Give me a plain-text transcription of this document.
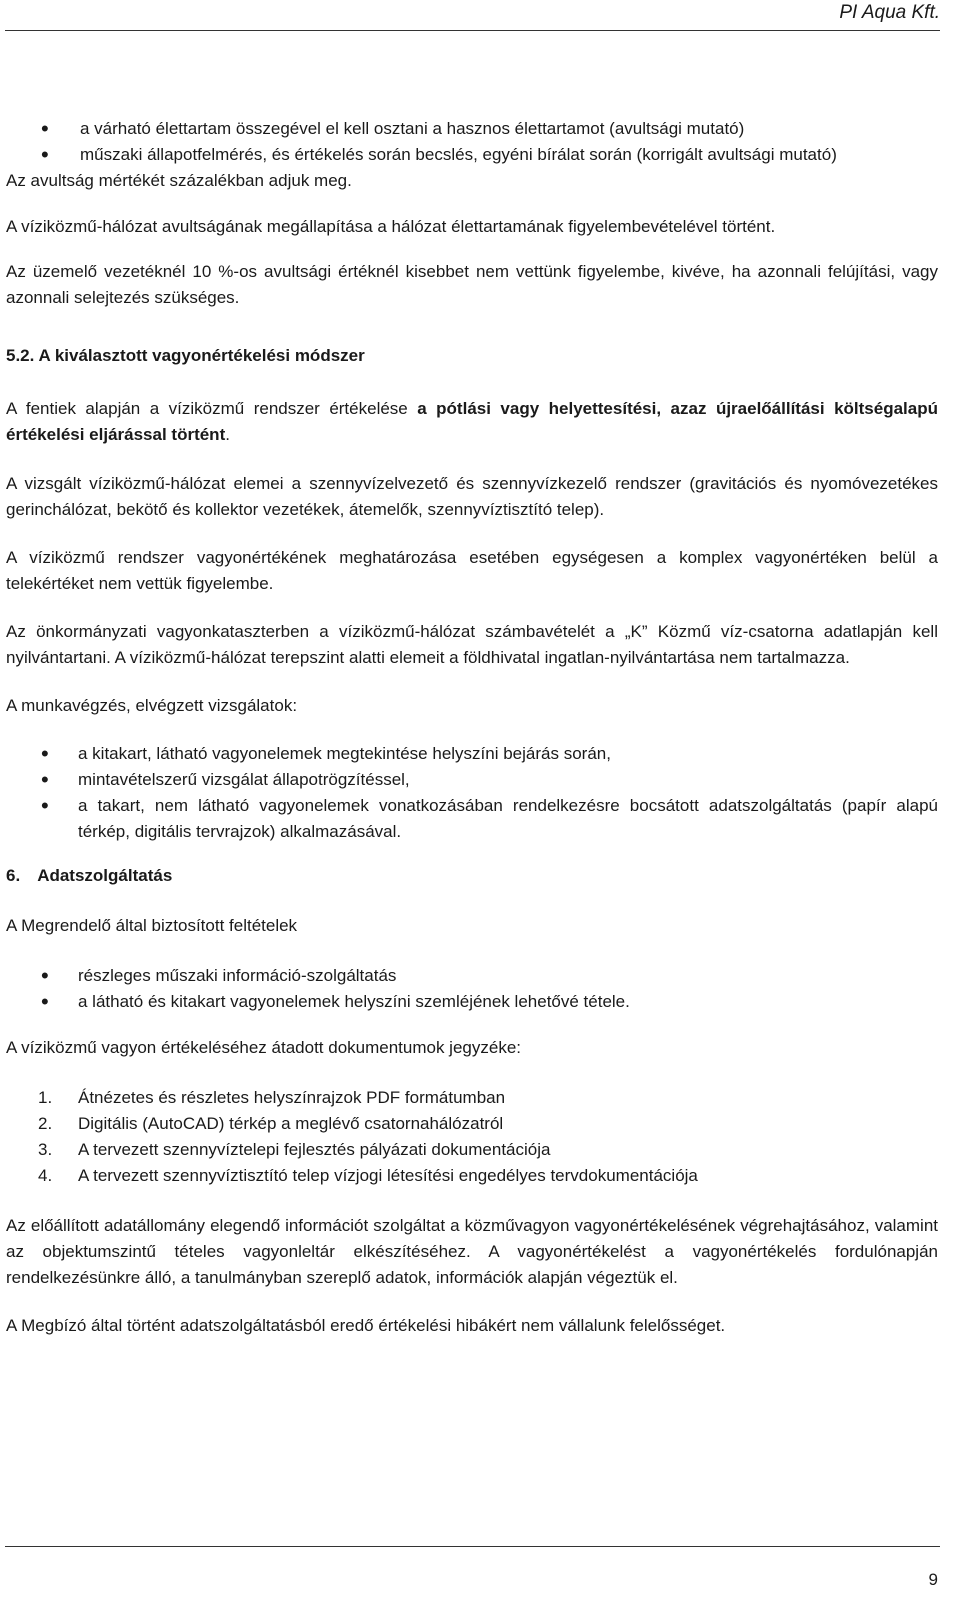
PI Aqua Kft.
• a várható élettartam összegével el kell osztani a hasznos élettartamot (avultsági mutató)
• műszaki állapotfelmérés, és értékelés során becslés, egyéni bírálat során (korrigált avultsági mutató)

Az avultság mértékét százalékban adjuk meg.

A víziközmű-hálózat avultságának megállapítása a hálózat élettartamának figyelembevételével történt.

Az üzemelő vezetéknél 10 %-os avultsági értéknél kisebbet nem vettünk figyelembe, kivéve, ha azonnali felújítási, vagy azonnali selejtezés szükséges.

5.2. A kiválasztott vagyonértékelési módszer

A fentiek alapján a víziközmű rendszer értékelése a pótlási vagy helyettesítési, azaz újraelőállítási költségalapú értékelési eljárással történt.

A vizsgált víziközmű-hálózat elemei a szennyvízelvezető és szennyvízkezelő rendszer (gravitációs és nyomóvezetékes gerinchálózat, bekötő és kollektor vezetékek, átemelők, szennyvíztisztító telep).

A víziközmű rendszer vagyonértékének meghatározása esetében egységesen a komplex vagyonértéken belül a telekértéket nem vettük figyelembe.

Az önkormányzati vagyonkataszterben a víziközmű-hálózat számbavételét a „K” Közmű víz-csatorna adatlapján kell nyilvántartani. A víziközmű-hálózat terepszint alatti elemeit a földhivatal ingatlan-nyilvántartása nem tartalmazza.

A munkavégzés, elvégzett vizsgálatok:

• a kitakart, látható vagyonelemek megtekintése helyszíni bejárás során,
• mintavételszerű vizsgálat állapotrögzítéssel,
• a takart, nem látható vagyonelemek vonatkozásában rendelkezésre bocsátott adatszolgáltatás (papír alapú térkép, digitális tervrajzok) alkalmazásával.

6. Adatszolgáltatás

A Megrendelő által biztosított feltételek

• részleges műszaki információ-szolgáltatás
• a látható és kitakart vagyonelemek helyszíni szemléjének lehetővé tétele.

A víziközmű vagyon értékeléséhez átadott dokumentumok jegyzéke:

1. Átnézetes és részletes helyszínrajzok PDF formátumban
2. Digitális (AutoCAD) térkép a meglévő csatornahálózatról
3. A tervezett szennyvíztelepi fejlesztés pályázati dokumentációja
4. A tervezett szennyvíztisztító telep vízjogi létesítési engedélyes tervdokumentációja

Az előállított adatállomány elegendő információt szolgáltat a közművagyon vagyonértékelésének végrehajtásához, valamint az objektumszintű tételes vagyonleltár elkészítéséhez. A vagyonértékelést a vagyonértékelés fordulónapján rendelkezésünkre álló, a tanulmányban szereplő adatok, információk alapján végeztük el.

A Megbízó által történt adatszolgáltatásból eredő értékelési hibákért nem vállalunk felelősséget.

9
